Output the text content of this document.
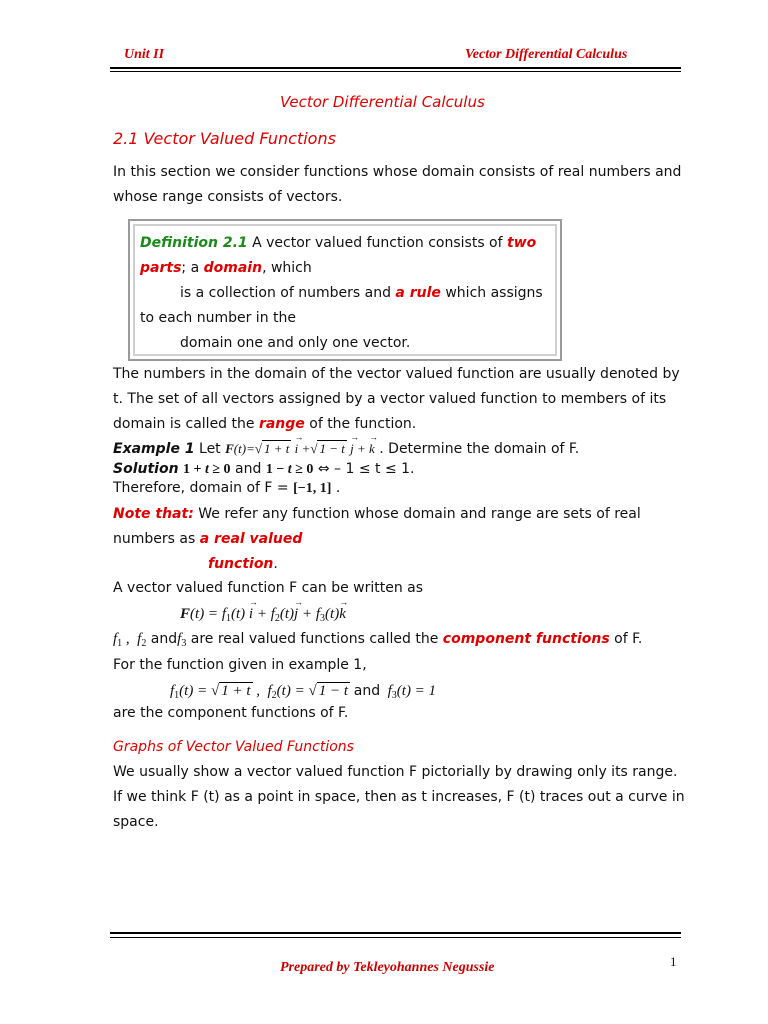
Unit II	Vector Differential Calculus
Vector Differential Calculus
2.1 Vector Valued Functions
In this section we consider functions whose domain consists of real numbers and
whose range consists of vectors.
Definition 2.1 A vector valued function consists of two
parts; a domain, which
is a collection of numbers and a rule which assigns
to each number in the
domain one and only one vector.
The numbers in the domain of the vector valued function are usually denoted by
t. The set of all vectors assigned by a vector valued function to members of its
domain is called the range of the function.
Example 1 Let F(t)=√ 1 + t → i +√ 1 − t → j + → k . Determine the domain of F.
Solution 1 + t ≥ 0 and 1 − t ≥ 0 ⇔ – 1 ≤ t ≤ 1.
Therefore, domain of F = [−1, 1] .
Note that: We refer any function whose domain and range are sets of real
numbers as a real valued
function.
A vector valued function F can be written as
$F(t) = f_1(t) \to i + f_2(t)\to j + f_3(t)\to k$
$f_1$ ,  $f_2$ andf$_3$ are real valued functions called the component functions of F.
For the function given in example 1,
$f_1(t)$ = √ 1 + t ,  $f_2(t)$ = √ 1 − t and $f_3(t) = 1$
are the component functions of F.
Graphs of Vector Valued Functions
We usually show a vector valued function F pictorially by drawing only its range.
If we think F (t) as a point in space, then as t increases, F (t) traces out a curve in
space.
1
Prepared by Tekleyohannes Negussie
